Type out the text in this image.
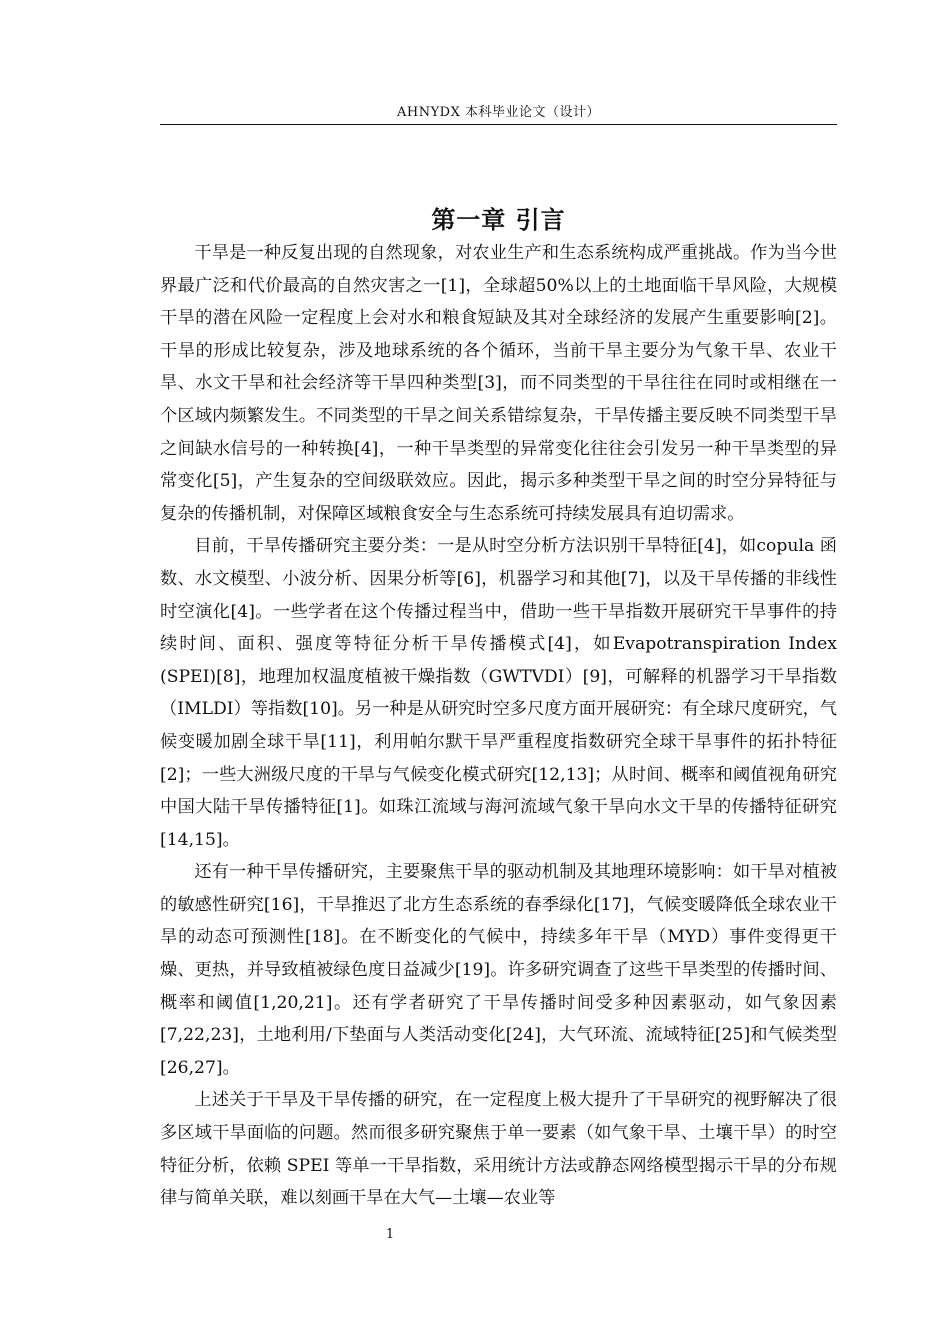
AHNYDX 本科毕业论文（设计）
第一章 引言

干旱是一种反复出现的自然现象，对农业生产和生态系统构成严重挑战。作为当今世界最广泛和代价最高的自然灾害之一[1]，全球超50%以上的土地面临干旱风险，大规模干旱的潜在风险一定程度上会对水和粮食短缺及其对全球经济的发展产生重要影响[2]。干旱的形成比较复杂，涉及地球系统的各个循环，当前干旱主要分为气象干旱、农业干旱、水文干旱和社会经济等干旱四种类型[3]，而不同类型的干旱往往在同时或相继在一个区域内频繁发生。不同类型的干旱之间关系错综复杂，干旱传播主要反映不同类型干旱之间缺水信号的一种转换[4]，一种干旱类型的异常变化往往会引发另一种干旱类型的异常变化[5]，产生复杂的空间级联效应。因此，揭示多种类型干旱之间的时空分异特征与复杂的传播机制，对保障区域粮食安全与生态系统可持续发展具有迫切需求。

目前，干旱传播研究主要分类：一是从时空分析方法识别干旱特征[4]，如copula 函数、水文模型、小波分析、因果分析等[6]，机器学习和其他[7]，以及干旱传播的非线性时空演化[4]。一些学者在这个传播过程当中，借助一些干旱指数开展研究干旱事件的持续时间、面积、强度等特征分析干旱传播模式[4]，如Evapotranspiration Index (SPEI)[8]，地理加权温度植被干燥指数（GWTVDI）[9]，可解释的机器学习干旱指数（IMLDI）等指数[10]。另一种是从研究时空多尺度方面开展研究：有全球尺度研究，气候变暖加剧全球干旱[11]，利用帕尔默干旱严重程度指数研究全球干旱事件的拓扑特征[2]；一些大洲级尺度的干旱与气候变化模式研究[12,13]；从时间、概率和阈值视角研究中国大陆干旱传播特征[1]。如珠江流域与海河流域气象干旱向水文干旱的传播特征研究[14,15]。

还有一种干旱传播研究，主要聚焦干旱的驱动机制及其地理环境影响：如干旱对植被的敏感性研究[16]，干旱推迟了北方生态系统的春季绿化[17]，气候变暖降低全球农业干旱的动态可预测性[18]。在不断变化的气候中，持续多年干旱（MYD）事件变得更干燥、更热，并导致植被绿色度日益减少[19]。许多研究调查了这些干旱类型的传播时间、概率和阈值[1,20,21]。还有学者研究了干旱传播时间受多种因素驱动，如气象因素[7,22,23]，土地利用/下垫面与人类活动变化[24]，大气环流、流域特征[25]和气候类型[26,27]。

上述关于干旱及干旱传播的研究，在一定程度上极大提升了干旱研究的视野解决了很多区域干旱面临的问题。然而很多研究聚焦于单一要素（如气象干旱、土壤干旱）的时空特征分析，依赖 SPEI 等单一干旱指数，采用统计方法或静态网络模型揭示干旱的分布规律与简单关联，难以刻画干旱在大气—土壤—农业等

1
